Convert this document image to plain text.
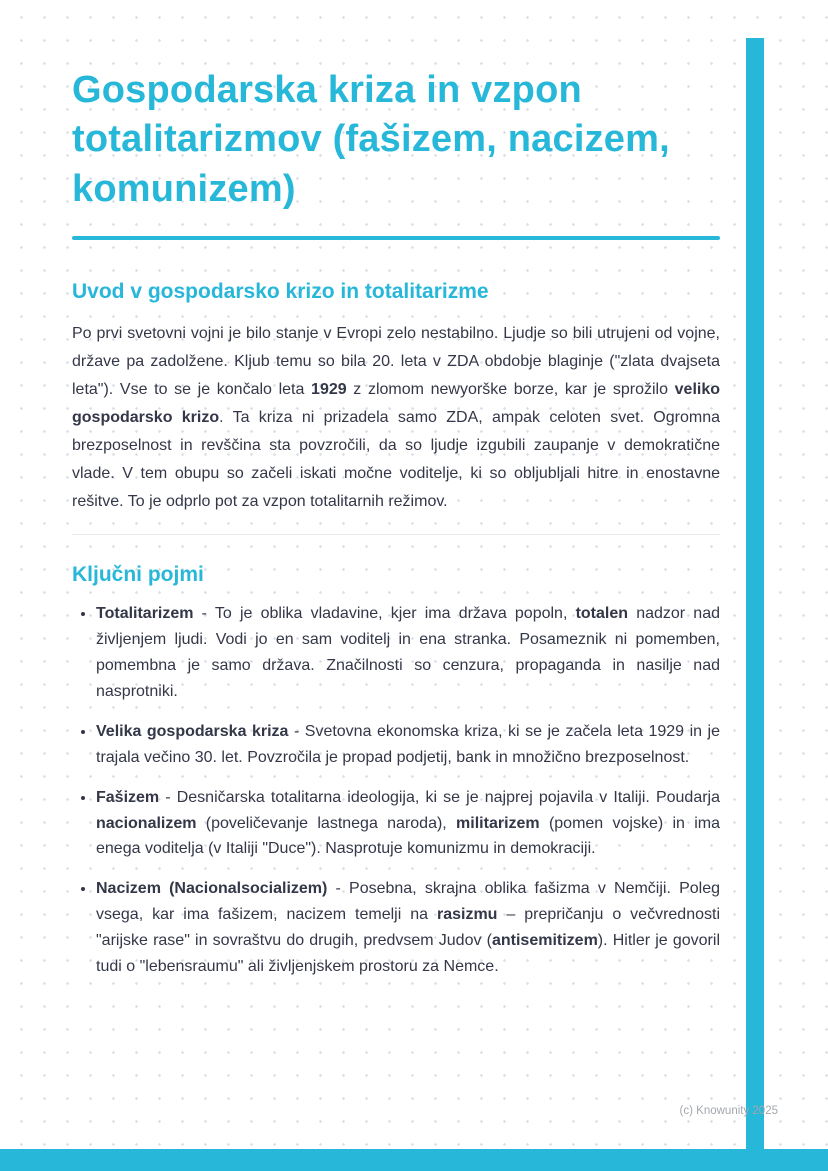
Gospodarska kriza in vzpon totalitarizmov (fašizem, nacizem, komunizem)
Uvod v gospodarsko krizo in totalitarizme

Po prvi svetovni vojni je bilo stanje v Evropi zelo nestabilno. Ljudje so bili utrujeni od vojne, države pa zadolžene. Kljub temu so bila 20. leta v ZDA obdobje blaginje ("zlata dvajseta leta"). Vse to se je končalo leta 1929 z zlomom newyorške borze, kar je sprožilo veliko gospodarsko krizo. Ta kriza ni prizadela samo ZDA, ampak celoten svet. Ogromna brezposelnost in revščina sta povzročili, da so ljudje izgubili zaupanje v demokratične vlade. V tem obupu so začeli iskati močne voditelje, ki so obljubljali hitre in enostavne rešitve. To je odprlo pot za vzpon totalitarnih režimov.

Ključni pojmi
• Totalitarizem - To je oblika vladavine, kjer ima država popoln, totalen nadzor nad življenjem ljudi. Vodi jo en sam voditelj in ena stranka. Posameznik ni pomemben, pomembna je samo država. Značilnosti so cenzura, propaganda in nasilje nad nasprotniki.
• Velika gospodarska kriza - Svetovna ekonomska kriza, ki se je začela leta 1929 in je trajala večino 30. let. Povzročila je propad podjetij, bank in množično brezposelnost.
• Fašizem - Desničarska totalitarna ideologija, ki se je najprej pojavila v Italiji. Poudarja nacionalizem (poveličevanje lastnega naroda), militarizem (pomen vojske) in ima enega voditelja (v Italiji "Duce"). Nasprotuje komunizmu in demokraciji.
• Nacizem (Nacionalsocializem) - Posebna, skrajna oblika fašizma v Nemčiji. Poleg vsega, kar ima fašizem, nacizem temelji na rasizmu – prepričanju o večvrednosti "arijske rase" in sovraštvu do drugih, predvsem Judov (antisemitizem). Hitler je govoril tudi o "lebensraumu" ali življenjskem prostoru za Nemce.
(c) Knowunity 2025
